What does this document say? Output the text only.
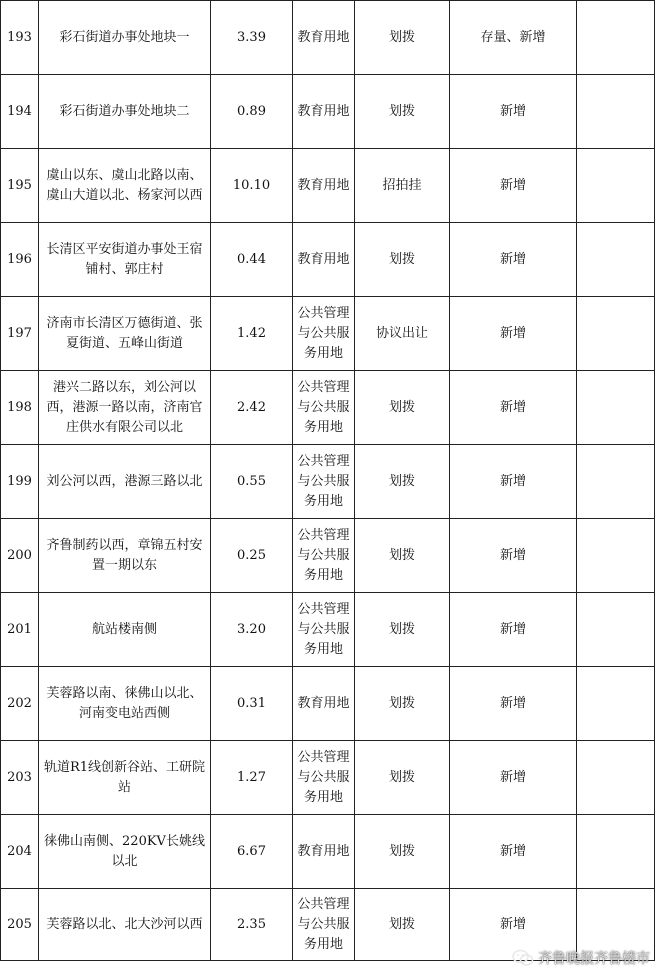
193	彩石街道办事处地块一	3.39	教育用地	划拨	存量、新增	
194	彩石街道办事处地块二	0.89	教育用地	划拨	新增	
195	虞山以东、虞山北路以南、虞山大道以北、杨家河以西	10.10	教育用地	招拍挂	新增	
196	长清区平安街道办事处王宿铺村、郭庄村	0.44	教育用地	划拨	新增	
197	济南市长清区万德街道、张夏街道、五峰山街道	1.42	公共管理与公共服务用地	协议出让	新增	
198	港兴二路以东，刘公河以西，港源一路以南，济南官庄供水有限公司以北	2.42	公共管理与公共服务用地	划拨	新增	
199	刘公河以西，港源三路以北	0.55	公共管理与公共服务用地	划拨	新增	
200	齐鲁制药以西，章锦五村安置一期以东	0.25	公共管理与公共服务用地	划拨	新增	
201	航站楼南侧	3.20	公共管理与公共服务用地	划拨	新增	
202	芙蓉路以南、徕佛山以北、河南变电站西侧	0.31	教育用地	划拨	新增	
203	轨道R1线创新谷站、工研院站	1.27	公共管理与公共服务用地	划拨	新增	
204	徕佛山南侧、220KV长姚线以北	6.67	教育用地	划拨	新增	
205	芙蓉路以北、北大沙河以西	2.35	公共管理与公共服务用地	划拨	新增	
齐鲁晚报齐鲁楼市
